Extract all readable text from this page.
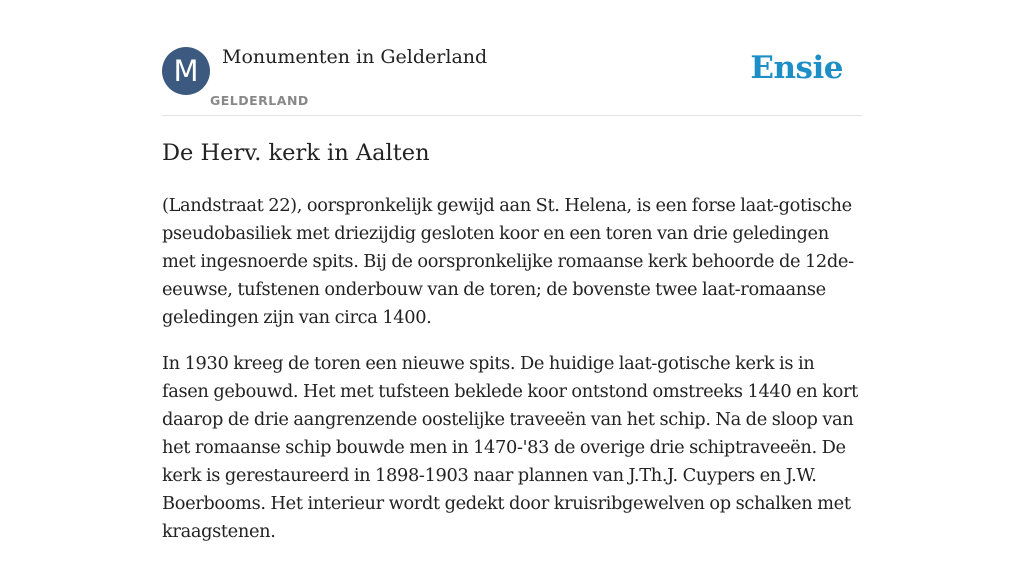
M	Monumenten in Gelderland
GELDERLAND
Ensie
De Herv. kerk in Aalten

(Landstraat 22), oorspronkelijk gewijd aan St. Helena, is een forse laat-gotische pseudobasiliek met driezijdig gesloten koor en een toren van drie geledingen met ingesnoerde spits. Bij de oorspronkelijke romaanse kerk behoorde de 12de-eeuwse, tufstenen onderbouw van de toren; de bovenste twee laat-romaanse geledingen zijn van circa 1400.

In 1930 kreeg de toren een nieuwe spits. De huidige laat-gotische kerk is in fasen gebouwd. Het met tufsteen beklede koor ontstond omstreeks 1440 en kort daarop de drie aangrenzende oostelijke traveeën van het schip. Na de sloop van het romaanse schip bouwde men in 1470-'83 de overige drie schiptraveeën. De kerk is gerestaureerd in 1898-1903 naar plannen van J.Th.J. Cuypers en J.W. Boerbooms. Het interieur wordt gedekt door kruisribgewelven op schalken met kraagstenen.
